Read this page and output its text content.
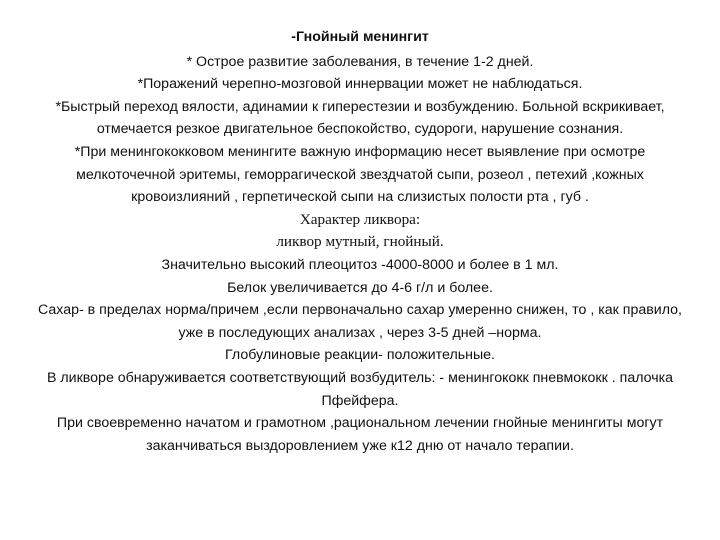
-Гнойный менингит
* Острое развитие заболевания, в течение 1-2 дней.
*Поражений черепно-мозговой иннервации может не наблюдаться.
*Быстрый переход вялости, адинамии к гиперестезии и возбуждению. Больной вскрикивает, отмечается резкое двигательное беспокойство, судороги, нарушение сознания.
*При менингококковом менингите важную информацию несет выявление при осмотре мелкоточечной эритемы, геморрагической звездчатой сыпи, розеол , петехий ,кожных кровоизлияний , герпетической сыпи на слизистых полости рта , губ .
Характер ликвора:
ликвор мутный, гнойный.
Значительно высокий плеоцитоз -4000-8000 и более в 1 мл.
Белок увеличивается до 4-6 г/л и более.
Сахар- в пределах норма/причем ,если первоначально сахар умеренно снижен, то , как правило, уже в последующих анализах , через 3-5 дней –норма.
Глобулиновые реакции- положительные.
В ликворе обнаруживается соответствующий возбудитель: - менингококк пневмококк . палочка Пфейфера.
При своевременно начатом и грамотном ,рациональном лечении гнойные менингиты могут заканчиваться выздоровлением уже к12 дню от начало терапии.
